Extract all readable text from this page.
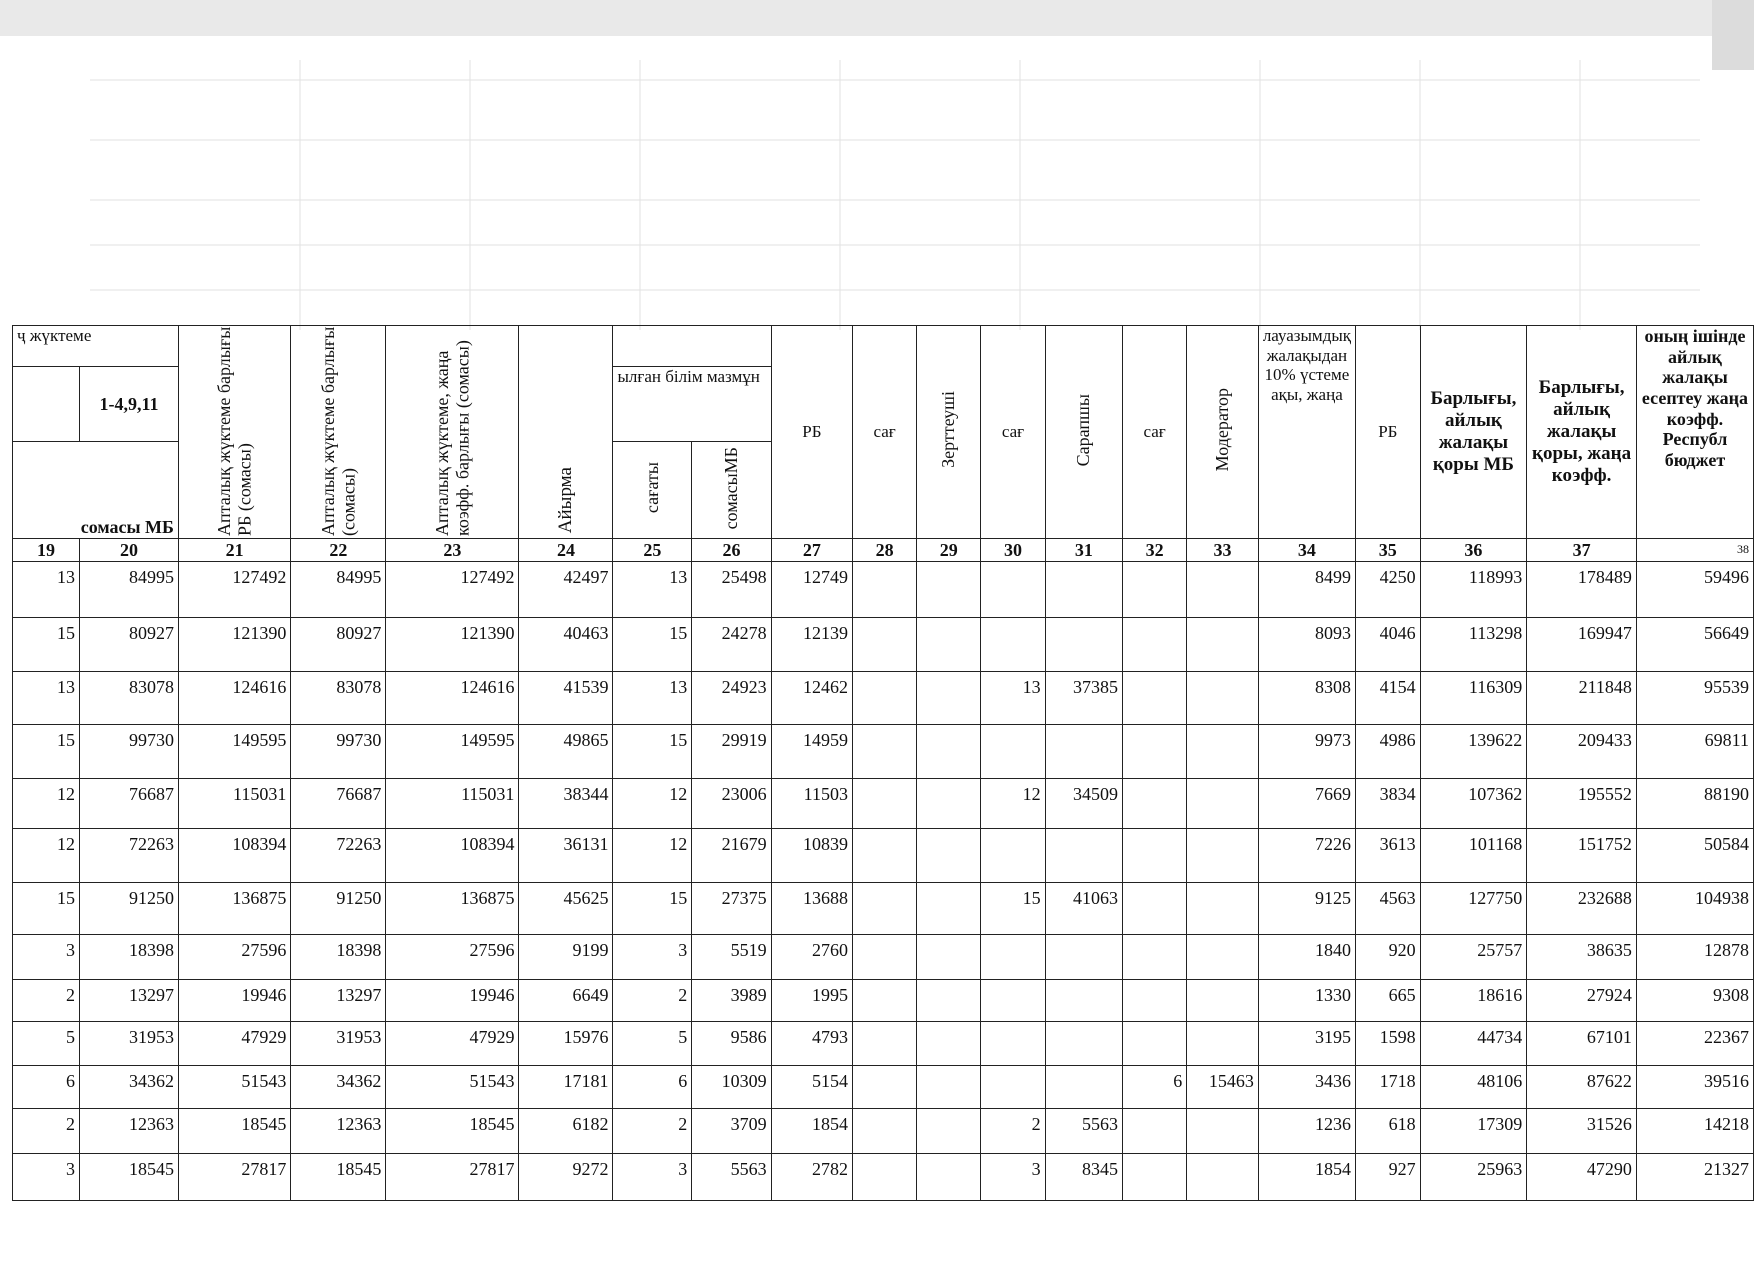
ҷ жүктеме		Апталық жүктеме барлығы РБ (сомасы)	Апталық жүктеме барлығы (сомасы)	Апталық жүктеме, жаңа коэфф. барлығы (сомасы)	Айырма			РБ	сағ	Зерттеуші	сағ	Сарапшы	сағ	Модератор	лауазымдық жалақыдан 10% үстеме ақы, жаңа	РБ	Барлығы, айлық жалақы қоры МБ	Барлығы, айлық жалақы қоры, жаңа коэфф.	оның ішінде айлық жалақы есептеу жаңа коэфф. Республ бюджет
	1-4,9,11					ылған білім мазмұн													
сомасы МБ						сағаты	сомасыМБ												
19	20	21	22	23	24	25	26	27	28	29	30	31	32	33	34	35	36	37	38
13	84995	127492	84995	127492	42497	13	25498	12749							8499	4250	118993	178489	59496
15	80927	121390	80927	121390	40463	15	24278	12139							8093	4046	113298	169947	56649
13	83078	124616	83078	124616	41539	13	24923	12462			13	37385			8308	4154	116309	211848	95539
15	99730	149595	99730	149595	49865	15	29919	14959							9973	4986	139622	209433	69811
12	76687	115031	76687	115031	38344	12	23006	11503			12	34509			7669	3834	107362	195552	88190
12	72263	108394	72263	108394	36131	12	21679	10839							7226	3613	101168	151752	50584
15	91250	136875	91250	136875	45625	15	27375	13688			15	41063			9125	4563	127750	232688	104938
3	18398	27596	18398	27596	9199	3	5519	2760							1840	920	25757	38635	12878
2	13297	19946	13297	19946	6649	2	3989	1995							1330	665	18616	27924	9308
5	31953	47929	31953	47929	15976	5	9586	4793							3195	1598	44734	67101	22367
6	34362	51543	34362	51543	17181	6	10309	5154					6	15463	3436	1718	48106	87622	39516
2	12363	18545	12363	18545	6182	2	3709	1854			2	5563			1236	618	17309	31526	14218
3	18545	27817	18545	27817	9272	3	5563	2782			3	8345			1854	927	25963	47290	21327
